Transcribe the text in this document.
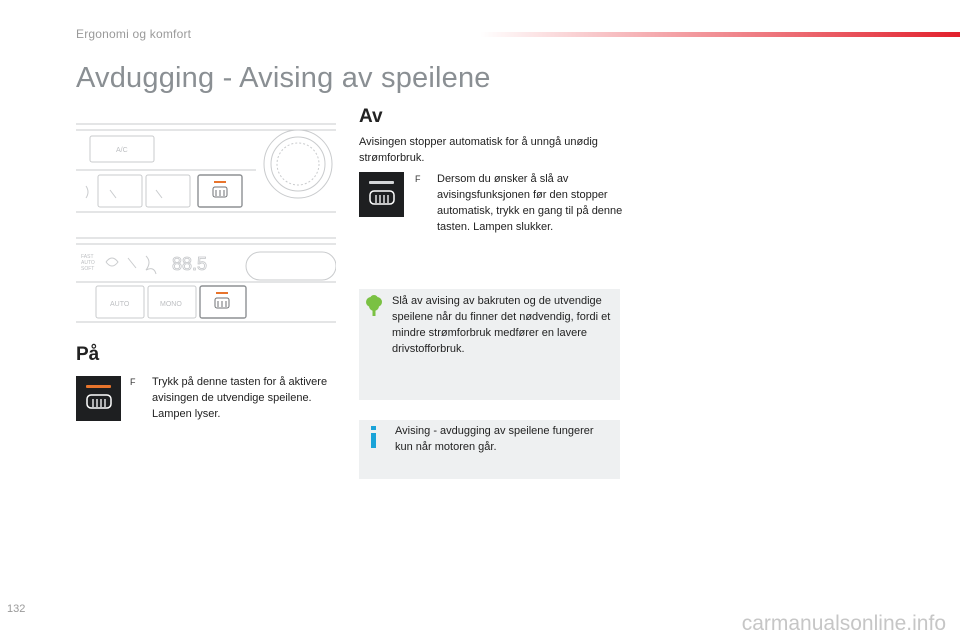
Ergonomi og komfort
Avdugging - Avising av speilene
A/C
FAST
AUTO
SOFT	88.5
AUTO	MONO
På
F	Trykk på denne tasten for å aktivere avisingen de utvendige speilene. Lampen lyser.
Av
Avisingen stopper automatisk for å unngå unødig strømforbruk.
F	Dersom du ønsker å slå av avisingsfunksjonen før den stopper automatisk, trykk en gang til på denne tasten. Lampen slukker.
Slå av avising av bakruten og de utvendige speilene når du finner det nødvendig, fordi et mindre strømforbruk medfører en lavere drivstofforbruk.
Avising - avdugging av speilene fungerer kun når motoren går.
132
carmanualsonline.info
